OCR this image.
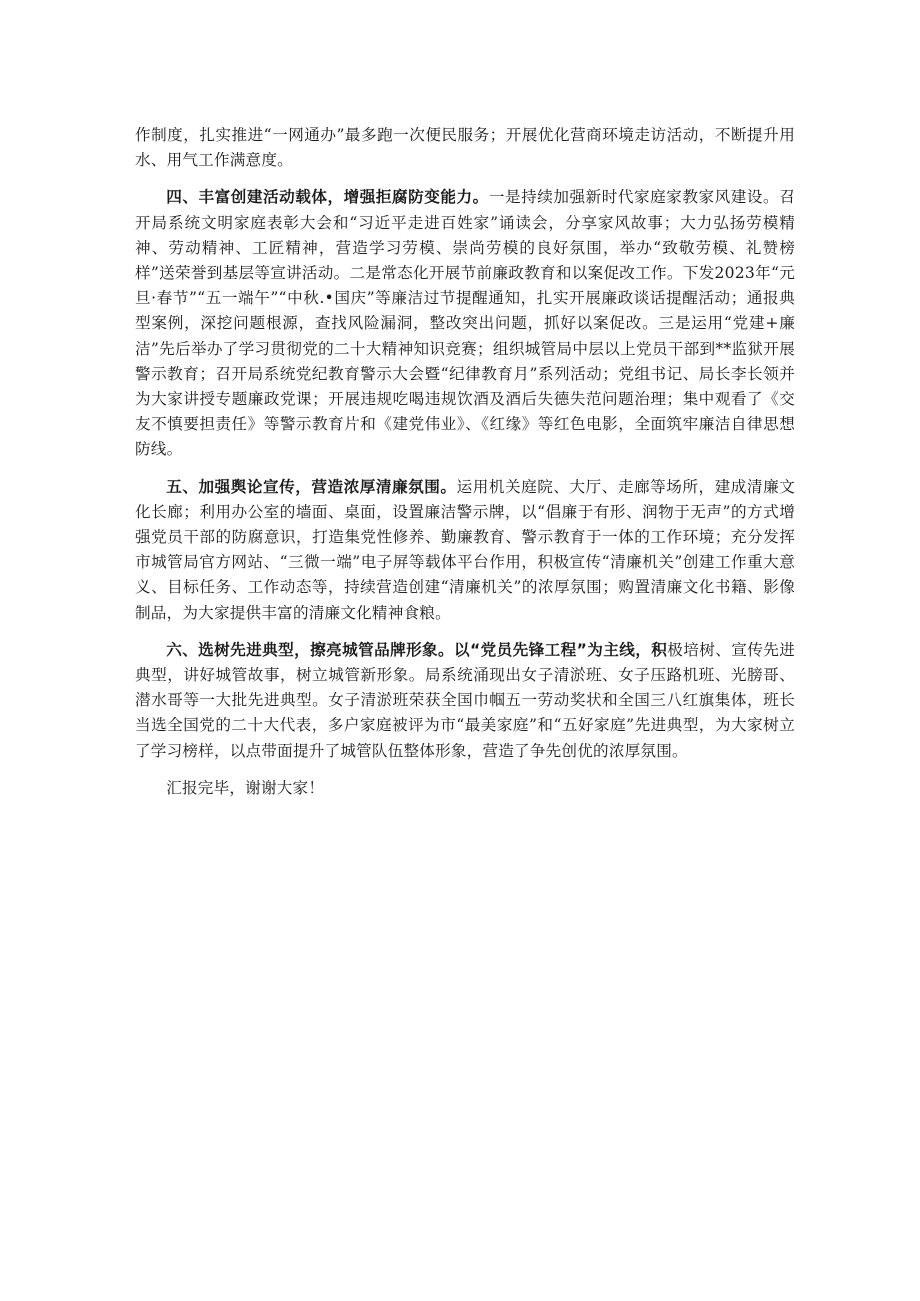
作制度，扎实推进“一网通办”最多跑一次便民服务；开展优化营商环境走访活动，不断提升用水、用气工作满意度。

四、丰富创建活动载体，增强拒腐防变能力。一是持续加强新时代家庭家教家风建设。召开局系统文明家庭表彰大会和“习近平走进百姓家”诵读会，分享家风故事；大力弘扬劳模精神、劳动精神、工匠精神，营造学习劳模、崇尚劳模的良好氛围，举办“致敬劳模、礼赞榜样”送荣誉到基层等宣讲活动。二是常态化开展节前廉政教育和以案促改工作。下发2023年“元旦·春节”“五一端午”“中秋.•国庆”等廉洁过节提醒通知，扎实开展廉政谈话提醒活动；通报典型案例，深挖问题根源，查找风险漏洞，整改突出问题，抓好以案促改。三是运用“党建+廉洁”先后举办了学习贯彻党的二十大精神知识竞赛；组织城管局中层以上党员干部到**监狱开展警示教育；召开局系统党纪教育警示大会暨“纪律教育月”系列活动；党组书记、局长李长领并为大家讲授专题廉政党课；开展违规吃喝违规饮酒及酒后失德失范问题治理；集中观看了《交友不慎要担责任》等警示教育片和《建党伟业》、《红缘》等红色电影，全面筑牢廉洁自律思想防线。

五、加强舆论宣传，营造浓厚清廉氛围。运用机关庭院、大厅、走廊等场所，建成清廉文化长廊；利用办公室的墙面、桌面，设置廉洁警示牌，以“倡廉于有形、润物于无声”的方式增强党员干部的防腐意识，打造集党性修养、勤廉教育、警示教育于一体的工作环境；充分发挥市城管局官方网站、“三微一端”电子屏等载体平台作用，积极宣传“清廉机关”创建工作重大意义、目标任务、工作动态等，持续营造创建“清廉机关”的浓厚氛围；购置清廉文化书籍、影像制品，为大家提供丰富的清廉文化精神食粮。

六、选树先进典型，擦亮城管品牌形象。以“党员先锋工程”为主线，积极培树、宣传先进典型，讲好城管故事，树立城管新形象。局系统涌现出女子清淤班、女子压路机班、光膀哥、潜水哥等一大批先进典型。女子清淤班荣获全国巾帼五一劳动奖状和全国三八红旗集体，班长当选全国党的二十大代表，多户家庭被评为市“最美家庭”和“五好家庭”先进典型，为大家树立了学习榜样，以点带面提升了城管队伍整体形象，营造了争先创优的浓厚氛围。

汇报完毕，谢谢大家！
